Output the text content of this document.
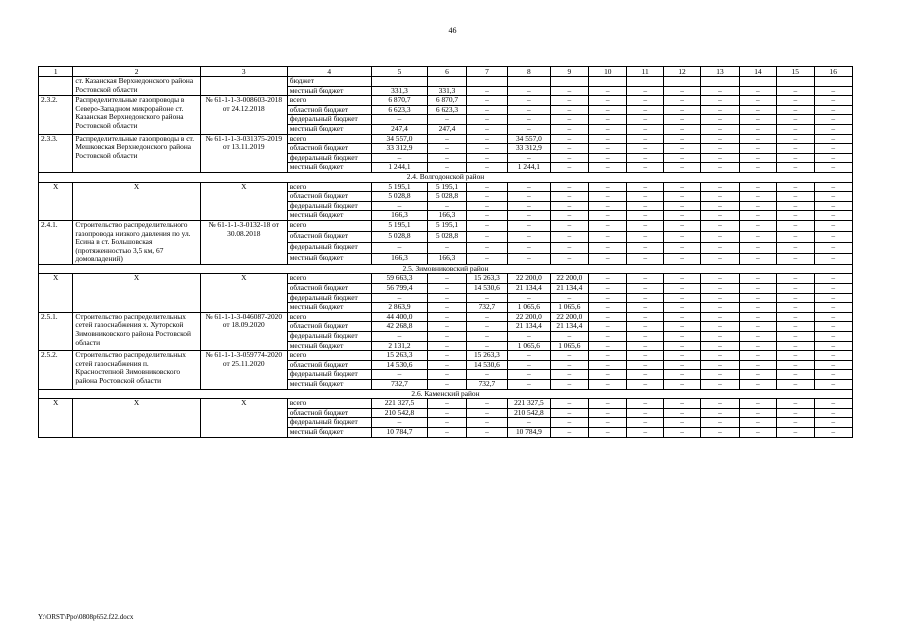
46
1	2	3	4	5	6	7	8	9	10	11	12	13	14	15	16
	ст. Казанская Верхнедонского района Ростовской области		бюджет												
			местный бюджет	331,3	331,3	–	–	–	–	–	–	–	–	–	–
2.3.2.	Распределительные газопроводы в Северо-Западном микрорайоне ст. Казанская Верхнедонского района Ростовской области	№ 61-1-1-3-008603-2018 от 24.12.2018	всего	6 870,7	6 870,7	–	–	–	–	–	–	–	–	–	–
			областной бюджет	6 623,3	6 623,3	–	–	–	–	–	–	–	–	–	–
			федеральный бюджет	–	–	–	–	–	–	–	–	–	–	–	–
			местный бюджет	247,4	247,4	–	–	–	–	–	–	–	–	–	–
2.3.3.	Распределительные газопроводы в ст. Мешковская Верхнедонского района Ростовской области	№ 61-1-1-3-031375-2019 от 13.11.2019	всего	34 557,0	–	–	34 557,0	–	–	–	–	–	–	–	–
			областной бюджет	33 312,9	–	–	33 312,9	–	–	–	–	–	–	–	–
			федеральный бюджет	–	–	–	–	–	–	–	–	–	–	–	–
			местный бюджет	1 244,1	–	–	1 244,1	–	–	–	–	–	–	–	–
2.4. Волгодонской район															
Х	Х	Х	всего	5 195,1	5 195,1	–	–	–	–	–	–	–	–	–	–
			областной бюджет	5 028,8	5 028,8	–	–	–	–	–	–	–	–	–	–
			федеральный бюджет	–	–	–	–	–	–	–	–	–	–	–	–
			местный бюджет	166,3	166,3	–	–	–	–	–	–	–	–	–	–
2.4.1.	Строительство распределительного газопровода низкого давления по ул. Есина в ст. Большовская (протяженностью 3,5 км, 67 домовладений)	№ 61-1-1-3-0132-18 от 30.08.2018	всего	5 195,1	5 195,1	–	–	–	–	–	–	–	–	–	–
			областной бюджет	5 028,8	5 028,8	–	–	–	–	–	–	–	–	–	–
			федеральный бюджет	–	–	–	–	–	–	–	–	–	–	–	–
			местный бюджет	166,3	166,3	–	–	–	–	–	–	–	–	–	–
2.5. Зимовниковский район															
Х	Х	Х	всего	59 663,3	–	15 263,3	22 200,0	22 200,0	–	–	–	–	–	–	–
			областной бюджет	56 799,4	–	14 530,6	21 134,4	21 134,4	–	–	–	–	–	–	–
			федеральный бюджет	–	–	–	–	–	–	–	–	–	–	–	–
			местный бюджет	2 863,9	–	732,7	1 065,6	1 065,6	–	–	–	–	–	–	–
2.5.1.	Строительство распределительных сетей газоснабжения х. Хуторской Зимовниковского района Ростовской области	№ 61-1-1-3-046087-2020 от 18.09.2020	всего	44 400,0	–	–	22 200,0	22 200,0	–	–	–	–	–	–	–
			областной бюджет	42 268,8	–	–	21 134,4	21 134,4	–	–	–	–	–	–	–
			федеральный бюджет	–	–	–	–	–	–	–	–	–	–	–	–
			местный бюджет	2 131,2	–	–	1 065,6	1 065,6	–	–	–	–	–	–	–
2.5.2.	Строительство распределительных сетей газоснабжения п. Красностепной Зимовниковского района Ростовской области	№ 61-1-1-3-059774-2020 от 25.11.2020	всего	15 263,3	–	15 263,3	–	–	–	–	–	–	–	–	–
			областной бюджет	14 530,6	–	14 530,6	–	–	–	–	–	–	–	–	–
			федеральный бюджет	–	–	–	–	–	–	–	–	–	–	–	–
			местный бюджет	732,7	–	732,7	–	–	–	–	–	–	–	–	–
2.6. Каменский район															
Х	Х	Х	всего	221 327,5	–	–	221 327,5	–	–	–	–	–	–	–	–
			областной бюджет	210 542,8	–	–	210 542,8	–	–	–	–	–	–	–	–
			федеральный бюджет	–	–	–	–	–	–	–	–	–	–	–	–
			местный бюджет	10 784,7	–	–	10 784,9	–	–	–	–	–	–	–	–
Y:\ORST\Ppo\0808p652.f22.docx
